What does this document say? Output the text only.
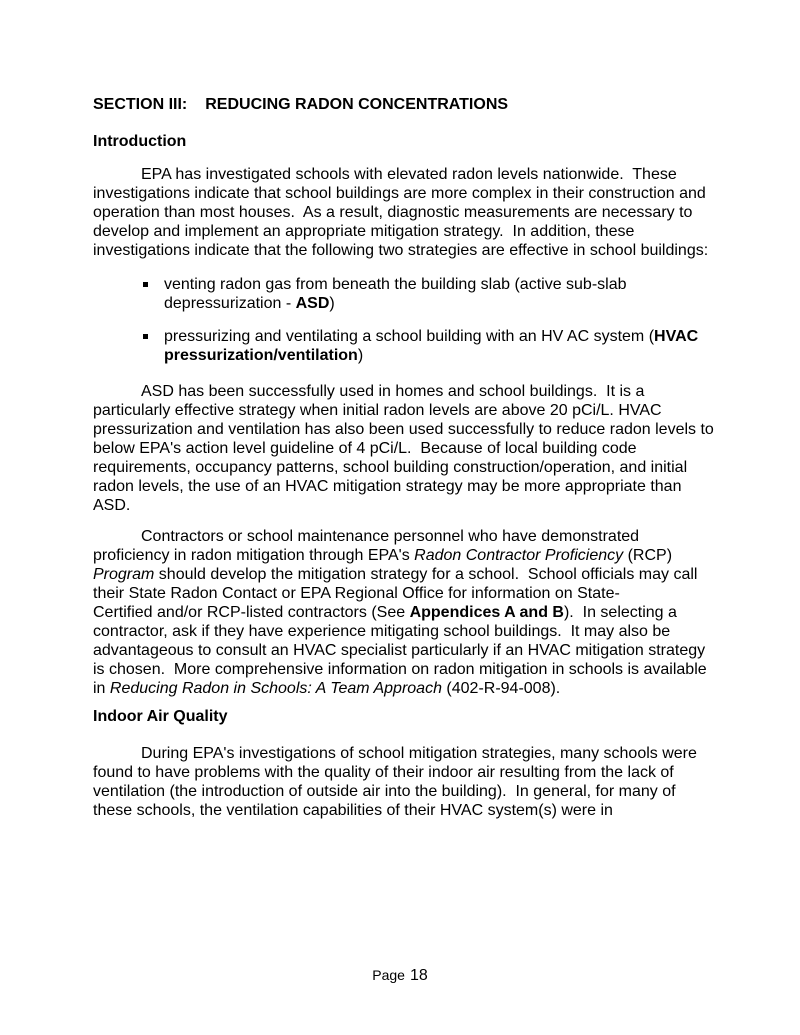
SECTION III: REDUCING RADON CONCENTRATIONS
Introduction
EPA has investigated schools with elevated radon levels nationwide.  These
investigations indicate that school buildings are more complex in their construction and
operation than most houses.  As a result, diagnostic measurements are necessary to
develop and implement an appropriate mitigation strategy.  In addition, these
investigations indicate that the following two strategies are effective in school buildings:
venting radon gas from beneath the building slab (active sub-slab
depressurization - ASD)
pressurizing and ventilating a school building with an HV AC system (HVAC
pressurization/ventilation)
ASD has been successfully used in homes and school buildings.  It is a
particularly effective strategy when initial radon levels are above 20 pCi/L. HVAC
pressurization and ventilation has also been used successfully to reduce radon levels to
below EPA's action level guideline of 4 pCi/L.  Because of local building code
requirements, occupancy patterns, school building construction/operation, and initial
radon levels, the use of an HVAC mitigation strategy may be more appropriate than
ASD.
Contractors or school maintenance personnel who have demonstrated
proficiency in radon mitigation through EPA's Radon Contractor Proficiency (RCP)
Program should develop the mitigation strategy for a school.  School officials may call
their State Radon Contact or EPA Regional Office for information on State-
Certified and/or RCP-listed contractors (See Appendices A and B).  In selecting a
contractor, ask if they have experience mitigating school buildings.  It may also be
advantageous to consult an HVAC specialist particularly if an HVAC mitigation strategy
is chosen.  More comprehensive information on radon mitigation in schools is available
in Reducing Radon in Schools: A Team Approach (402-R-94-008).
Indoor Air Quality
During EPA's investigations of school mitigation strategies, many schools were
found to have problems with the quality of their indoor air resulting from the lack of
ventilation (the introduction of outside air into the building).  In general, for many of
these schools, the ventilation capabilities of their HVAC system(s) were in
Page 18
